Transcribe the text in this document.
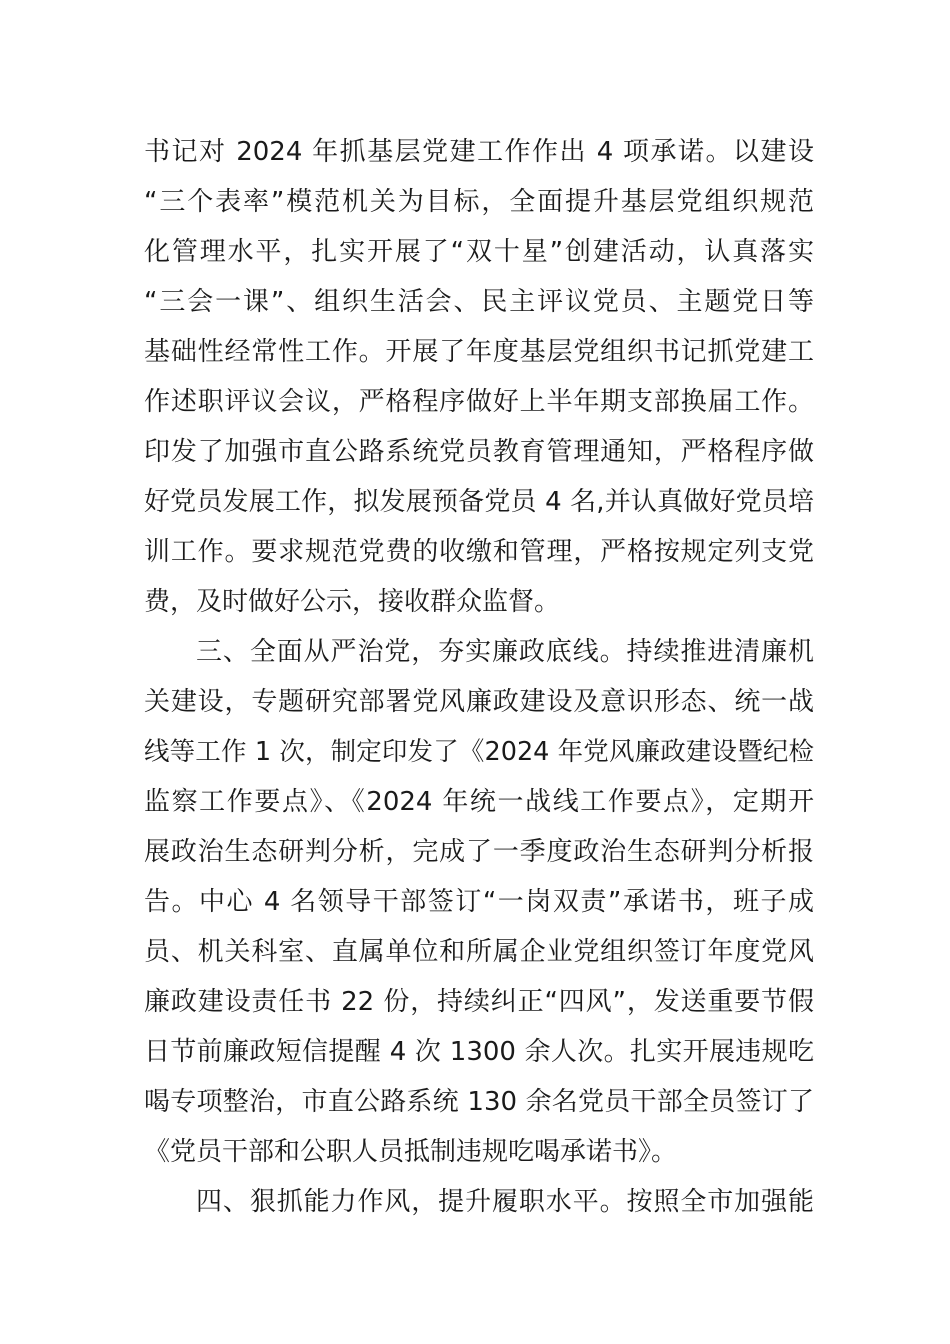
书记对 2024 年抓基层党建工作作出 4 项承诺。以建设
“三个表率”模范机关为目标，全面提升基层党组织规范
化管理水平，扎实开展了“双十星”创建活动，认真落实
“三会一课”、组织生活会、民主评议党员、主题党日等
基础性经常性工作。开展了年度基层党组织书记抓党建工
作述职评议会议，严格程序做好上半年期支部换届工作。
印发了加强市直公路系统党员教育管理通知，严格程序做
好党员发展工作，拟发展预备党员 4 名,并认真做好党员培
训工作。要求规范党费的收缴和管理，严格按规定列支党
费，及时做好公示，接收群众监督。
三、全面从严治党，夯实廉政底线。持续推进清廉机
关建设，专题研究部署党风廉政建设及意识形态、统一战
线等工作 1 次，制定印发了《2024 年党风廉政建设暨纪检
监察工作要点》、《2024 年统一战线工作要点》，定期开
展政治生态研判分析，完成了一季度政治生态研判分析报
告。中心 4 名领导干部签订“一岗双责”承诺书，班子成
员、机关科室、直属单位和所属企业党组织签订年度党风
廉政建设责任书 22 份，持续纠正“四风”，发送重要节假
日节前廉政短信提醒 4 次 1300 余人次。扎实开展违规吃
喝专项整治，市直公路系统 130 余名党员干部全员签订了
《党员干部和公职人员抵制违规吃喝承诺书》。
四、狠抓能力作风，提升履职水平。按照全市加强能
